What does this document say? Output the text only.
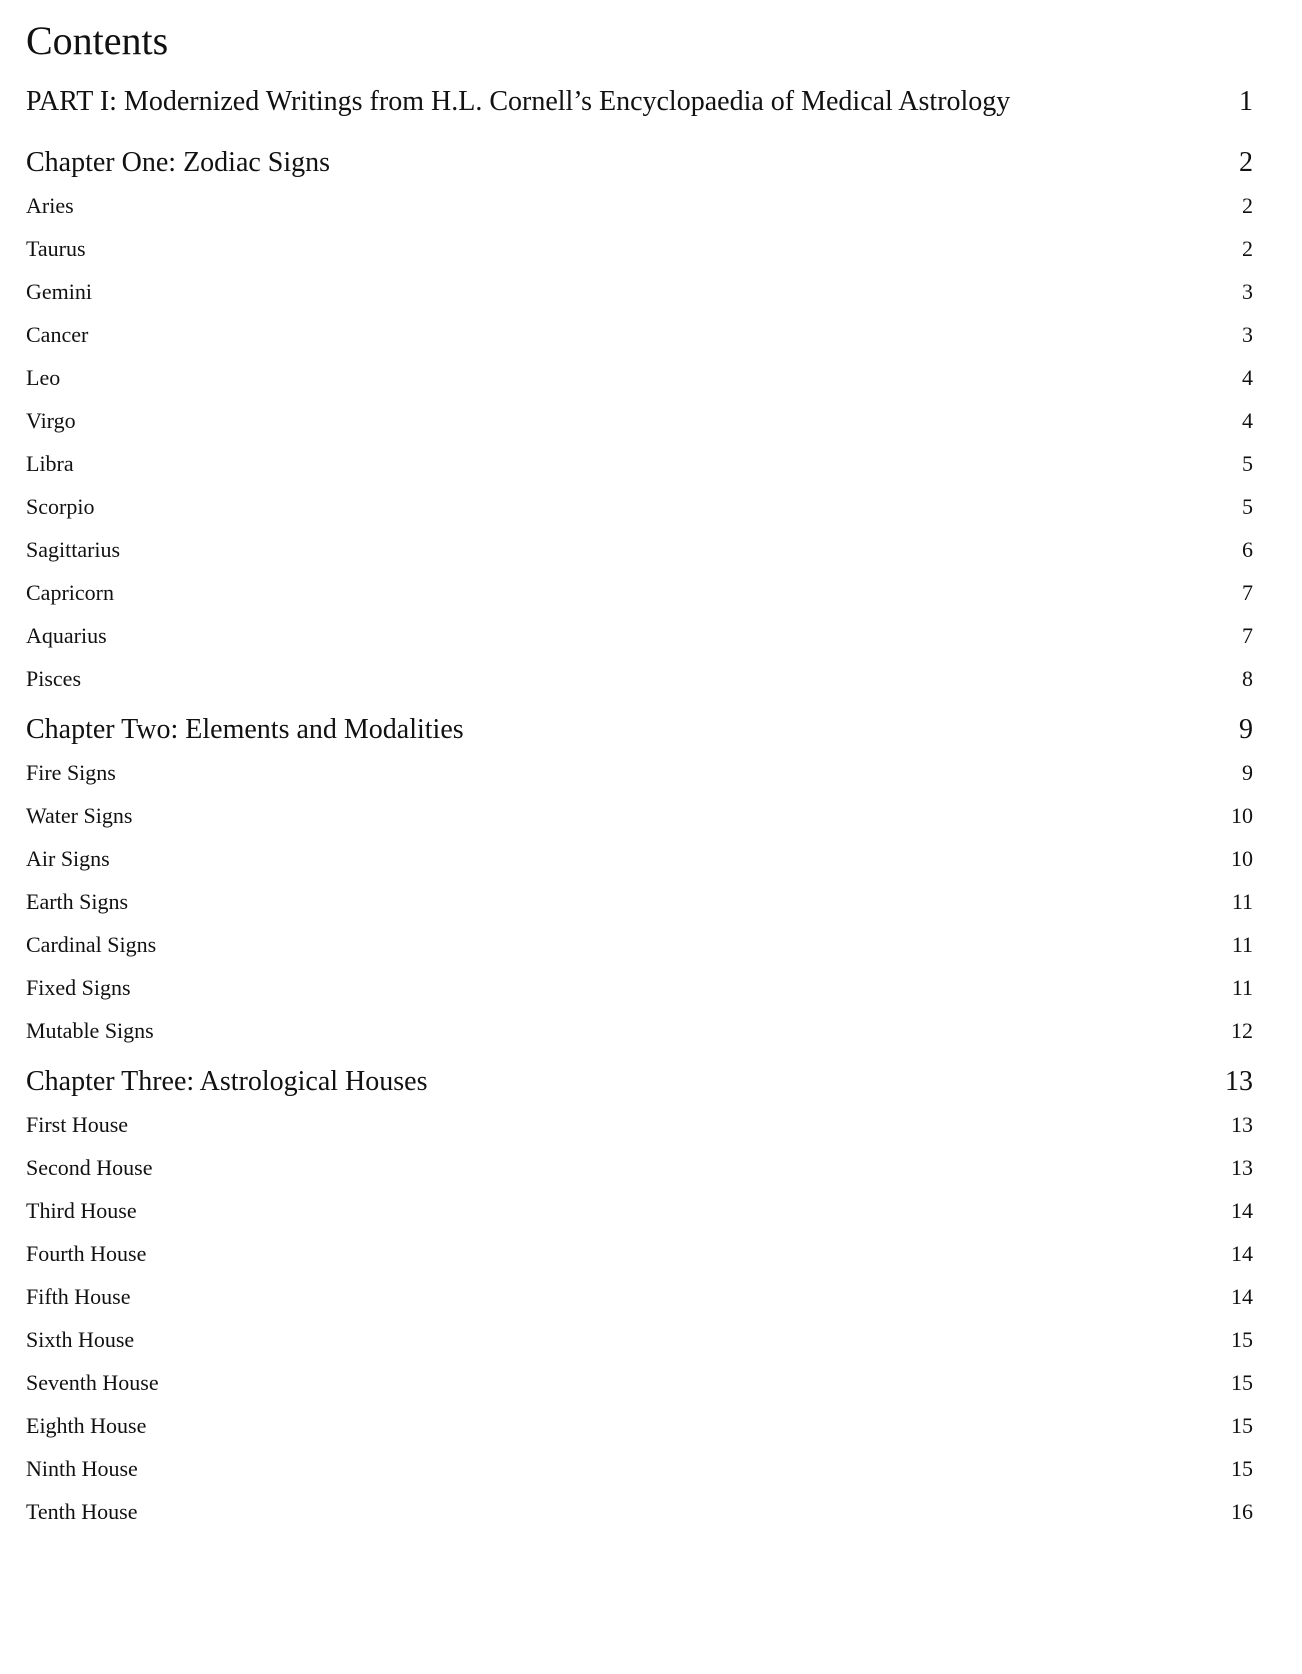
Contents
PART I: Modernized Writings from H.L. Cornell’s Encyclopaedia of Medical Astrology	1
Chapter One: Zodiac Signs	2
Aries	2
Taurus	2
Gemini	3
Cancer	3
Leo	4
Virgo	4
Libra	5
Scorpio	5
Sagittarius	6
Capricorn	7
Aquarius	7
Pisces	8
Chapter Two: Elements and Modalities	9
Fire Signs	9
Water Signs	10
Air Signs	10
Earth Signs	11
Cardinal Signs	11
Fixed Signs	11
Mutable Signs	12
Chapter Three: Astrological Houses	13
First House	13
Second House	13
Third House	14
Fourth House	14
Fifth House	14
Sixth House	15
Seventh House	15
Eighth House	15
Ninth House	15
Tenth House	16
